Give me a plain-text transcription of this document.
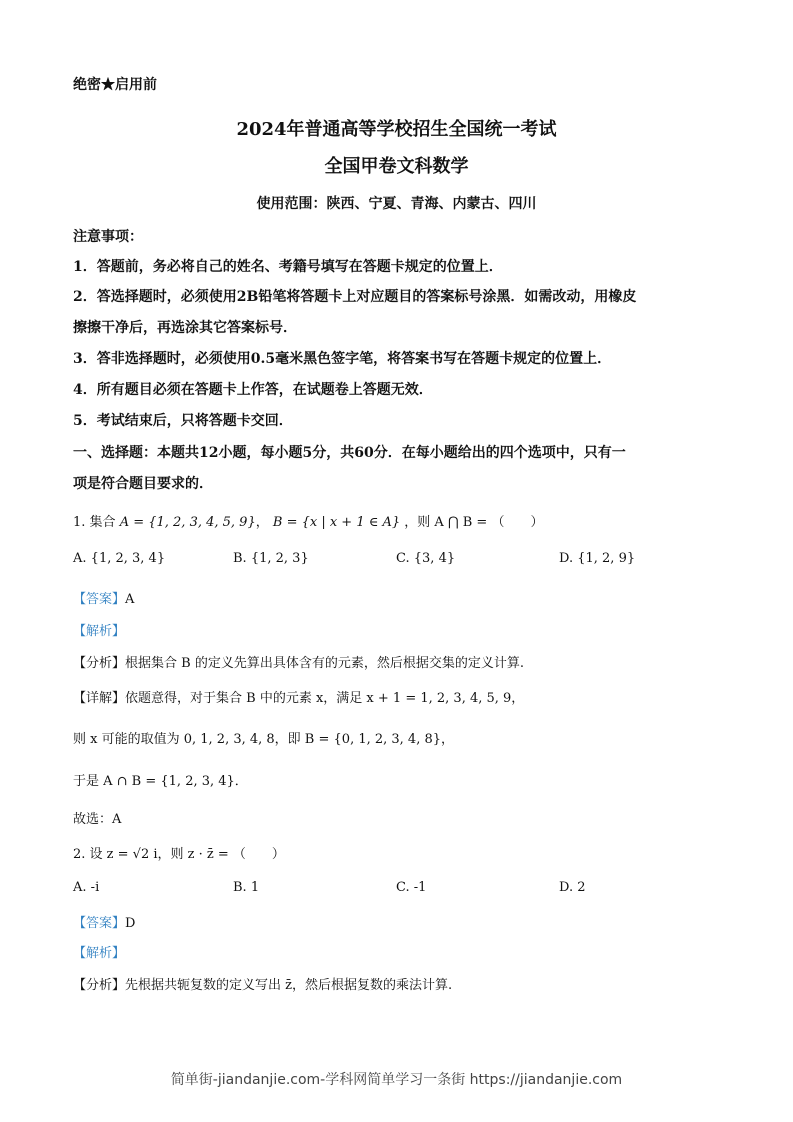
绝密★启用前
2024年普通高等学校招生全国统一考试
全国甲卷文科数学
使用范围：陕西、宁夏、青海、内蒙古、四川
注意事项：
1．答题前，务必将自己的姓名、考籍号填写在答题卡规定的位置上．
2．答选择题时，必须使用2B铅笔将答题卡上对应题目的答案标号涂黑．如需改动，用橡皮
擦擦干净后，再选涂其它答案标号．
3．答非选择题时，必须使用0.5毫米黑色签字笔，将答案书写在答题卡规定的位置上．
4．所有题目必须在答题卡上作答，在试题卷上答题无效．
5．考试结束后，只将答题卡交回．
一、选择题：本题共12小题，每小题5分，共60分．在每小题给出的四个选项中，只有一
项是符合题目要求的．
1. 集合 A = {1, 2, 3, 4, 5, 9}， B = {x | x + 1 ∈ A} ，则 A ⋂ B = （　　）
A. {1, 2, 3, 4}	B. {1, 2, 3}	C. {3, 4}	D. {1, 2, 9}
【答案】A
【解析】
【分析】根据集合 B 的定义先算出具体含有的元素，然后根据交集的定义计算.
【详解】依题意得，对于集合 B 中的元素 x，满足 x + 1 = 1, 2, 3, 4, 5, 9，
则 x 可能的取值为 0, 1, 2, 3, 4, 8，即 B = {0, 1, 2, 3, 4, 8}，
于是 A ∩ B = {1, 2, 3, 4}．
故选：A
2. 设 z = √2 i，则 z · z̄ = （　　）
A. -i	B. 1	C. -1	D. 2
【答案】D
【解析】
【分析】先根据共轭复数的定义写出 z̄，然后根据复数的乘法计算.
简单街-jiandanjie.com-学科网简单学习一条街 https://jiandanjie.com
